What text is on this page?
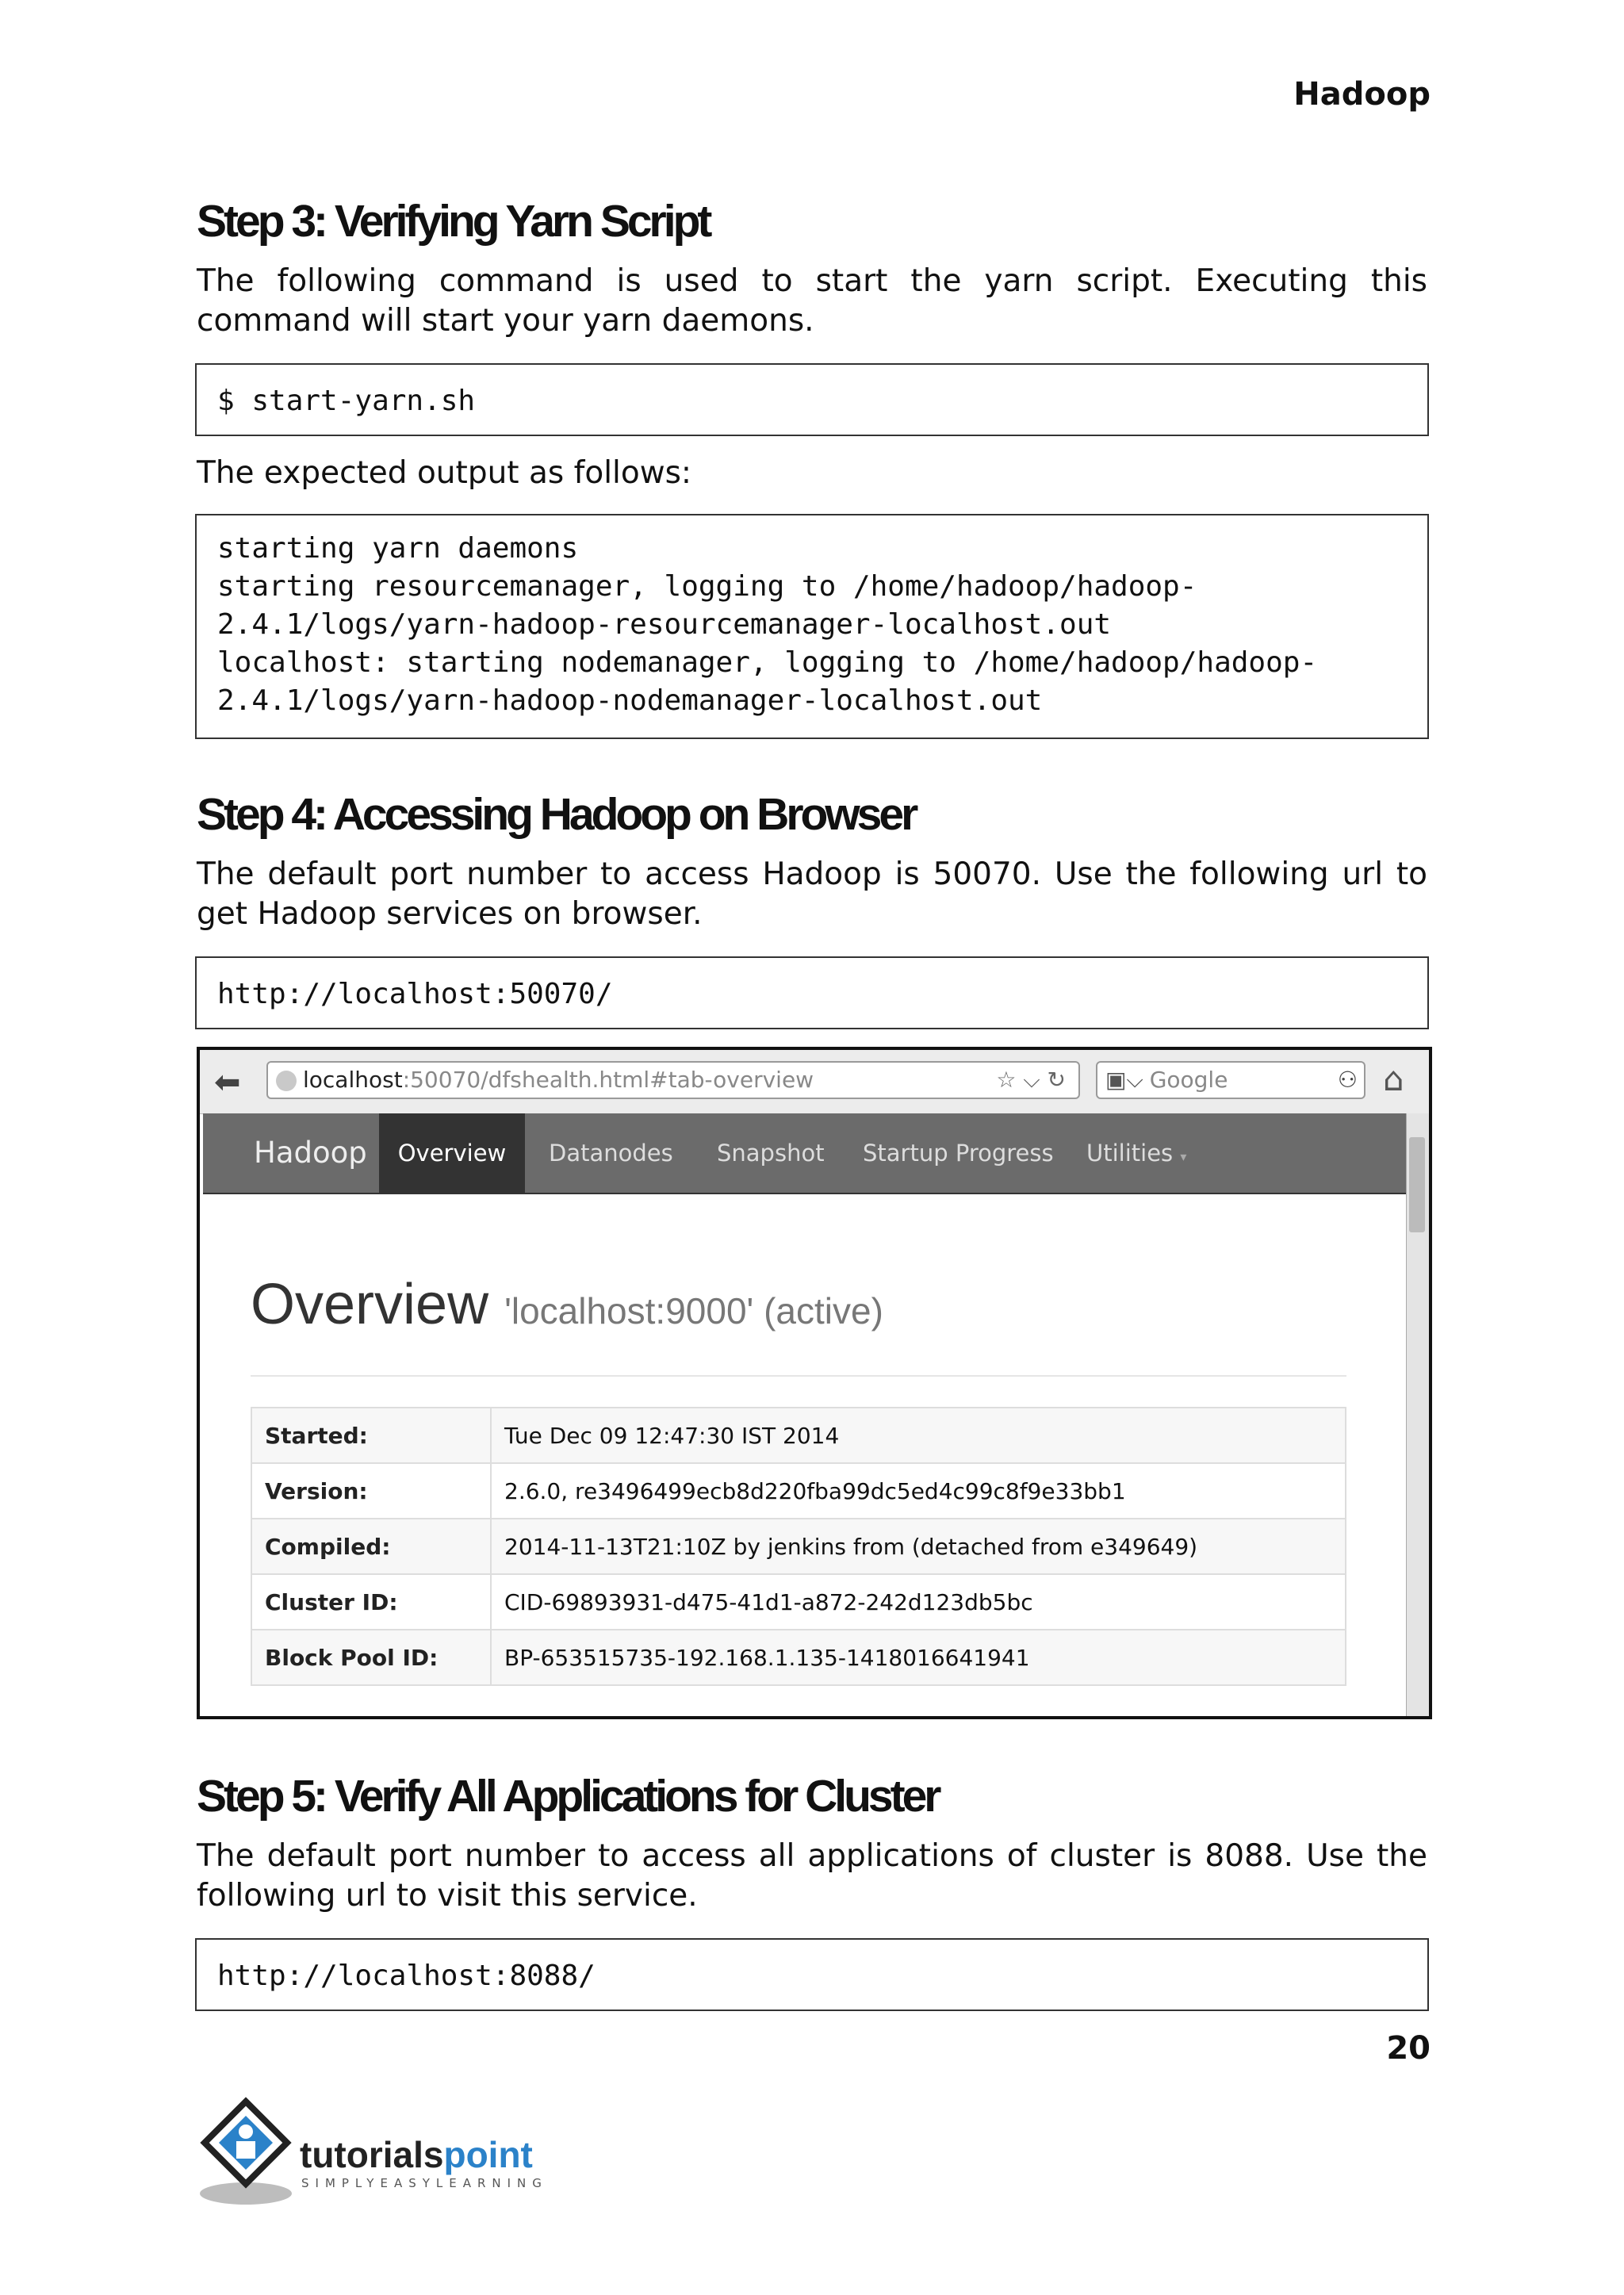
Hadoop
Step 3: Verifying Yarn Script
The following command is used to start the yarn script. Executing this command will start your yarn daemons.
$ start-yarn.sh
The expected output as follows:
starting yarn daemons
starting resourcemanager, logging to /home/hadoop/hadoop-
2.4.1/logs/yarn-hadoop-resourcemanager-localhost.out
localhost: starting nodemanager, logging to /home/hadoop/hadoop-
2.4.1/logs/yarn-hadoop-nodemanager-localhost.out
Step 4: Accessing Hadoop on Browser
The default port number to access Hadoop is 50070. Use the following url to get Hadoop services on browser.
http://localhost:50070/
⬅	localhost:50070/dfshealth.html#tab-overview	☆ ⌵ ↻	▣⌵ Google	⚇ ⌂
Hadoop	Overview	Datanodes Snapshot Startup Progress Utilities ▾
Overview 'localhost:9000' (active)
Started:	Tue Dec 09 12:47:30 IST 2014
Version:	2.6.0, re3496499ecb8d220fba99dc5ed4c99c8f9e33bb1
Compiled:	2014-11-13T21:10Z by jenkins from (detached from e349649)
Cluster ID:	CID-69893931-d475-41d1-a872-242d123db5bc
Block Pool ID:	BP-653515735-192.168.1.135-1418016641941
Step 5: Verify All Applications for Cluster
The default port number to access all applications of cluster is 8088. Use the following url to visit this service.
http://localhost:8088/
20
tutorialspoint
SIMPLYEASYLEARNING
